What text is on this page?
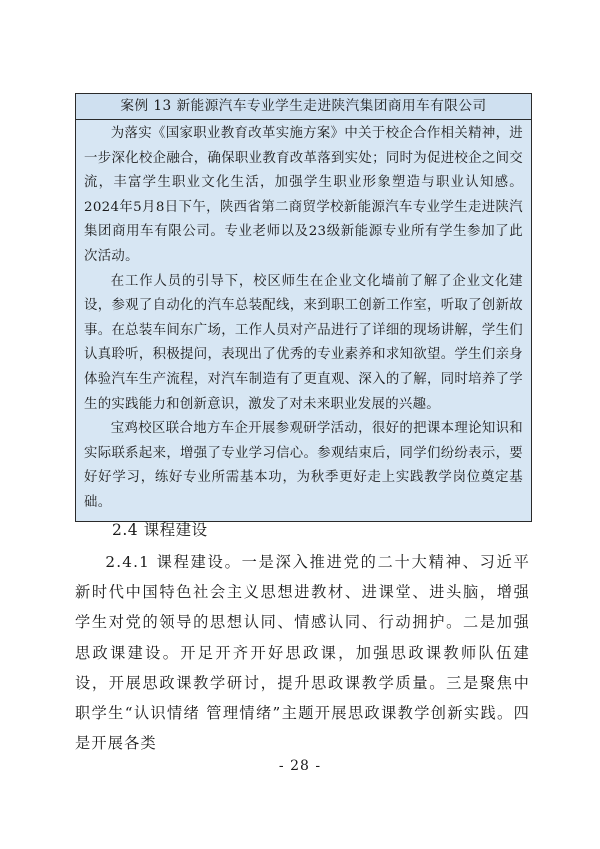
案例 13 新能源汽车专业学生走进陕汽集团商用车有限公司

为落实《国家职业教育改革实施方案》中关于校企合作相关精神，进一步深化校企融合，确保职业教育改革落到实处；同时为促进校企之间交流，丰富学生职业文化生活，加强学生职业形象塑造与职业认知感。2024年5月8日下午，陕西省第二商贸学校新能源汽车专业学生走进陕汽集团商用车有限公司。专业老师以及23级新能源专业所有学生参加了此次活动。

在工作人员的引导下，校区师生在企业文化墙前了解了企业文化建设，参观了自动化的汽车总装配线，来到职工创新工作室，听取了创新故事。在总装车间东广场，工作人员对产品进行了详细的现场讲解，学生们认真聆听，积极提问，表现出了优秀的专业素养和求知欲望。学生们亲身体验汽车生产流程，对汽车制造有了更直观、深入的了解，同时培养了学生的实践能力和创新意识，激发了对未来职业发展的兴趣。

宝鸡校区联合地方车企开展参观研学活动，很好的把课本理论知识和实际联系起来，增强了专业学习信心。参观结束后，同学们纷纷表示，要好好学习，练好专业所需基本功，为秋季更好走上实践教学岗位奠定基础。

2.4 课程建设

2.4.1 课程建设。一是深入推进党的二十大精神、习近平新时代中国特色社会主义思想进教材、进课堂、进头脑，增强学生对党的领导的思想认同、情感认同、行动拥护。二是加强思政课建设。开足开齐开好思政课，加强思政课教师队伍建设，开展思政课教学研讨，提升思政课教学质量。三是聚焦中职学生“认识情绪 管理情绪”主题开展思政课教学创新实践。四是开展各类

- 28 -
